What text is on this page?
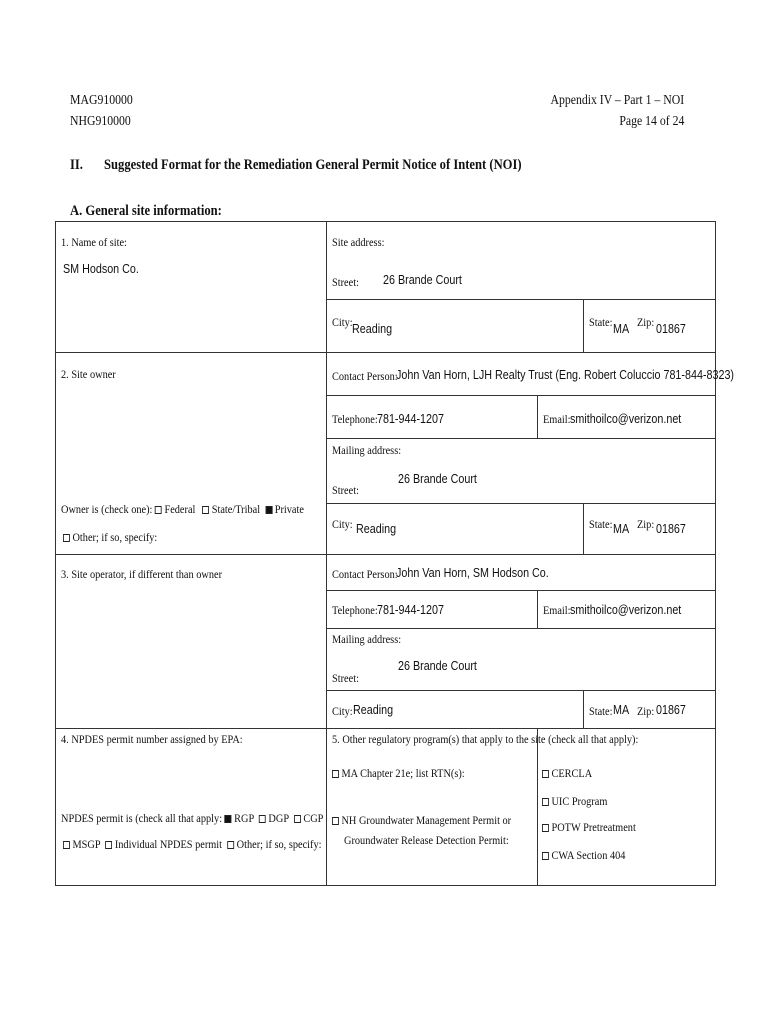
MAG910000
NHG910000
Appendix IV – Part 1 – NOI
Page 14 of 24
II. Suggested Format for the Remediation General Permit Notice of Intent (NOI)
A. General site information:
1. Name of site:
SM Hodson Co.
Site address:
Street: 26 Brande Court
City: Reading	State: MA Zip: 01867
2. Site owner	Contact Person:
John Van Horn, LJH Realty Trust (Eng. Robert Coluccio 781-844-8323)
Telephone: 781-944-1207	Email: smithoilco@verizon.net
Mailing address:
26 Brande Court
Street:
City: Reading	State: MA Zip: 01867
Owner is (check one): Federal State/Tribal Private
Other; if so, specify:
3. Site operator, if different than owner	Contact Person:
John Van Horn, SM Hodson Co.
Telephone: 781-944-1207	Email: smithoilco@verizon.net
Mailing address:
26 Brande Court
Street:
City: Reading	State: MA Zip: 01867
4. NPDES permit number assigned by EPA:
NPDES permit is (check all that apply: RGP DGP CGP
MSGP Individual NPDES permit Other; if so, specify:
5. Other regulatory program(s) that apply to the site (check all that apply):
MA Chapter 21e; list RTN(s):
NH Groundwater Management Permit or
Groundwater Release Detection Permit:
CERCLA
UIC Program
POTW Pretreatment
CWA Section 404
